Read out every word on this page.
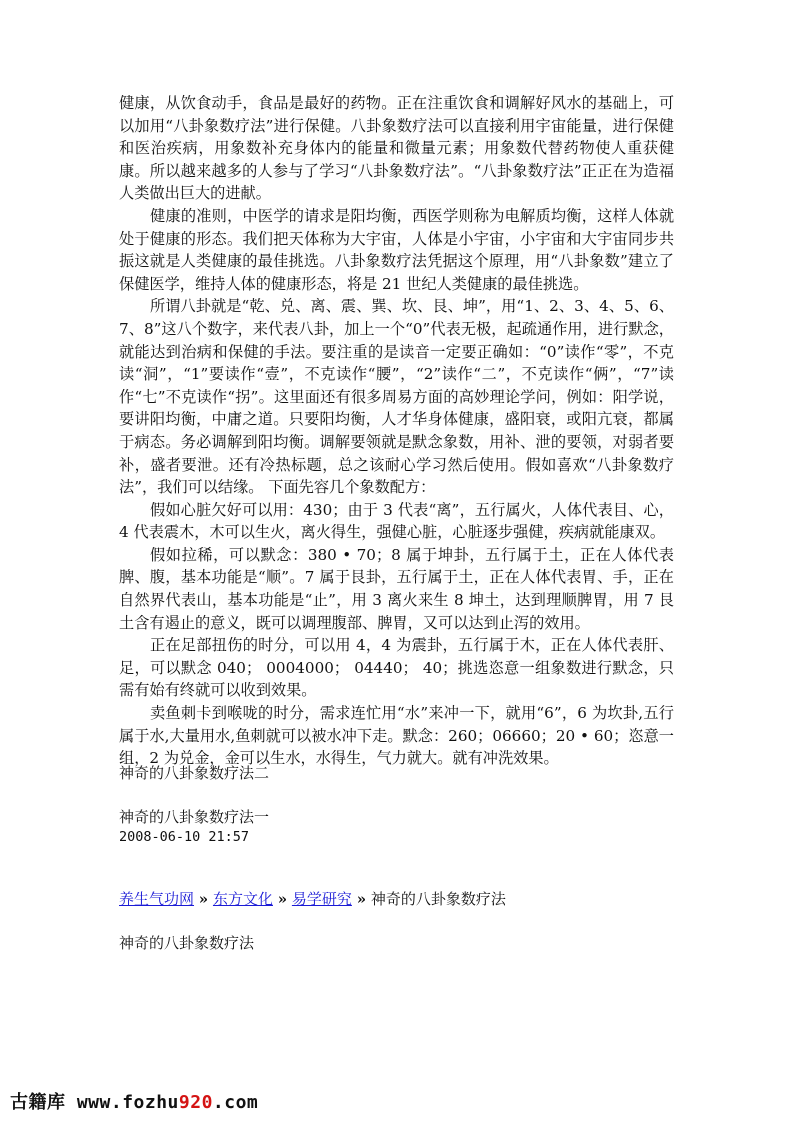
健康，从饮食动手，食品是最好的药物。正在注重饮食和调解好风水的基础上，可以加用“八卦象数疗法”进行保健。八卦象数疗法可以直接利用宇宙能量，进行保健和医治疾病，用象数补充身体内的能量和微量元素；用象数代替药物使人重获健康。所以越来越多的人参与了学习“八卦象数疗法”。“八卦象数疗法”正正在为造福人类做出巨大的进献。

健康的准则，中医学的请求是阳均衡，西医学则称为电解质均衡，这样人体就处于健康的形态。我们把天体称为大宇宙，人体是小宇宙，小宇宙和大宇宙同步共振这就是人类健康的最佳挑选。八卦象数疗法凭据这个原理，用“八卦象数”建立了保健医学，维持人体的健康形态，将是 21 世纪人类健康的最佳挑选。

所谓八卦就是“乾、兑、离、震、巽、坎、艮、坤”，用“1、2、3、4、5、6、7、8”这八个数字，来代表八卦，加上一个“0”代表无极，起疏通作用，进行默念，就能达到治病和保健的手法。要注重的是读音一定要正确如：“0”读作“零”，不克读“洞”，“1”要读作“壹”，不克读作“腰”，“2”读作“二”，不克读作“俩”，“7”读作“七”不克读作“拐”。这里面还有很多周易方面的高妙理论学问，例如：阳学说，要讲阳均衡，中庸之道。只要阳均衡，人才华身体健康，盛阳衰，或阳亢衰，都属于病态。务必调解到阳均衡。调解要领就是默念象数，用补、泄的要领，对弱者要补，盛者要泄。还有冷热标题，总之该耐心学习然后使用。假如喜欢“八卦象数疗法”，我们可以结缘。 下面先容几个象数配方：

假如心脏欠好可以用：430；由于 3 代表“离”，五行属火，人体代表目、心，4 代表震木，木可以生火，离火得生，强健心脏，心脏逐步强健，疾病就能康双。

假如拉稀，可以默念：380 • 70；8 属于坤卦，五行属于土，正在人体代表脾、腹，基本功能是“顺”。7 属于艮卦，五行属于土，正在人体代表胃、手，正在自然界代表山，基本功能是“止”，用 3 离火来生 8 坤土，达到理顺脾胃，用 7 艮土含有遏止的意义，既可以调理腹部、脾胃，又可以达到止泻的效用。

正在足部扭伤的时分，可以用 4，4 为震卦，五行属于木，正在人体代表肝、足，可以默念 040； 0004000； 04440； 40；挑选恣意一组象数进行默念，只需有始有终就可以收到效果。

卖鱼刺卡到喉咙的时分，需求连忙用“水”来冲一下，就用“6”，6 为坎卦,五行属于水,大量用水,鱼刺就可以被水冲下走。默念：260；06660；20 • 60；恣意一组，2 为兑金，金可以生水，水得生，气力就大。就有冲洗效果。

神奇的八卦象数疗法二
神奇的八卦象数疗法一
2008-06-10 21:57
养生气功网 » 东方文化 » 易学研究 » 神奇的八卦象数疗法
神奇的八卦象数疗法
古籍库 www.fozhu920.com
